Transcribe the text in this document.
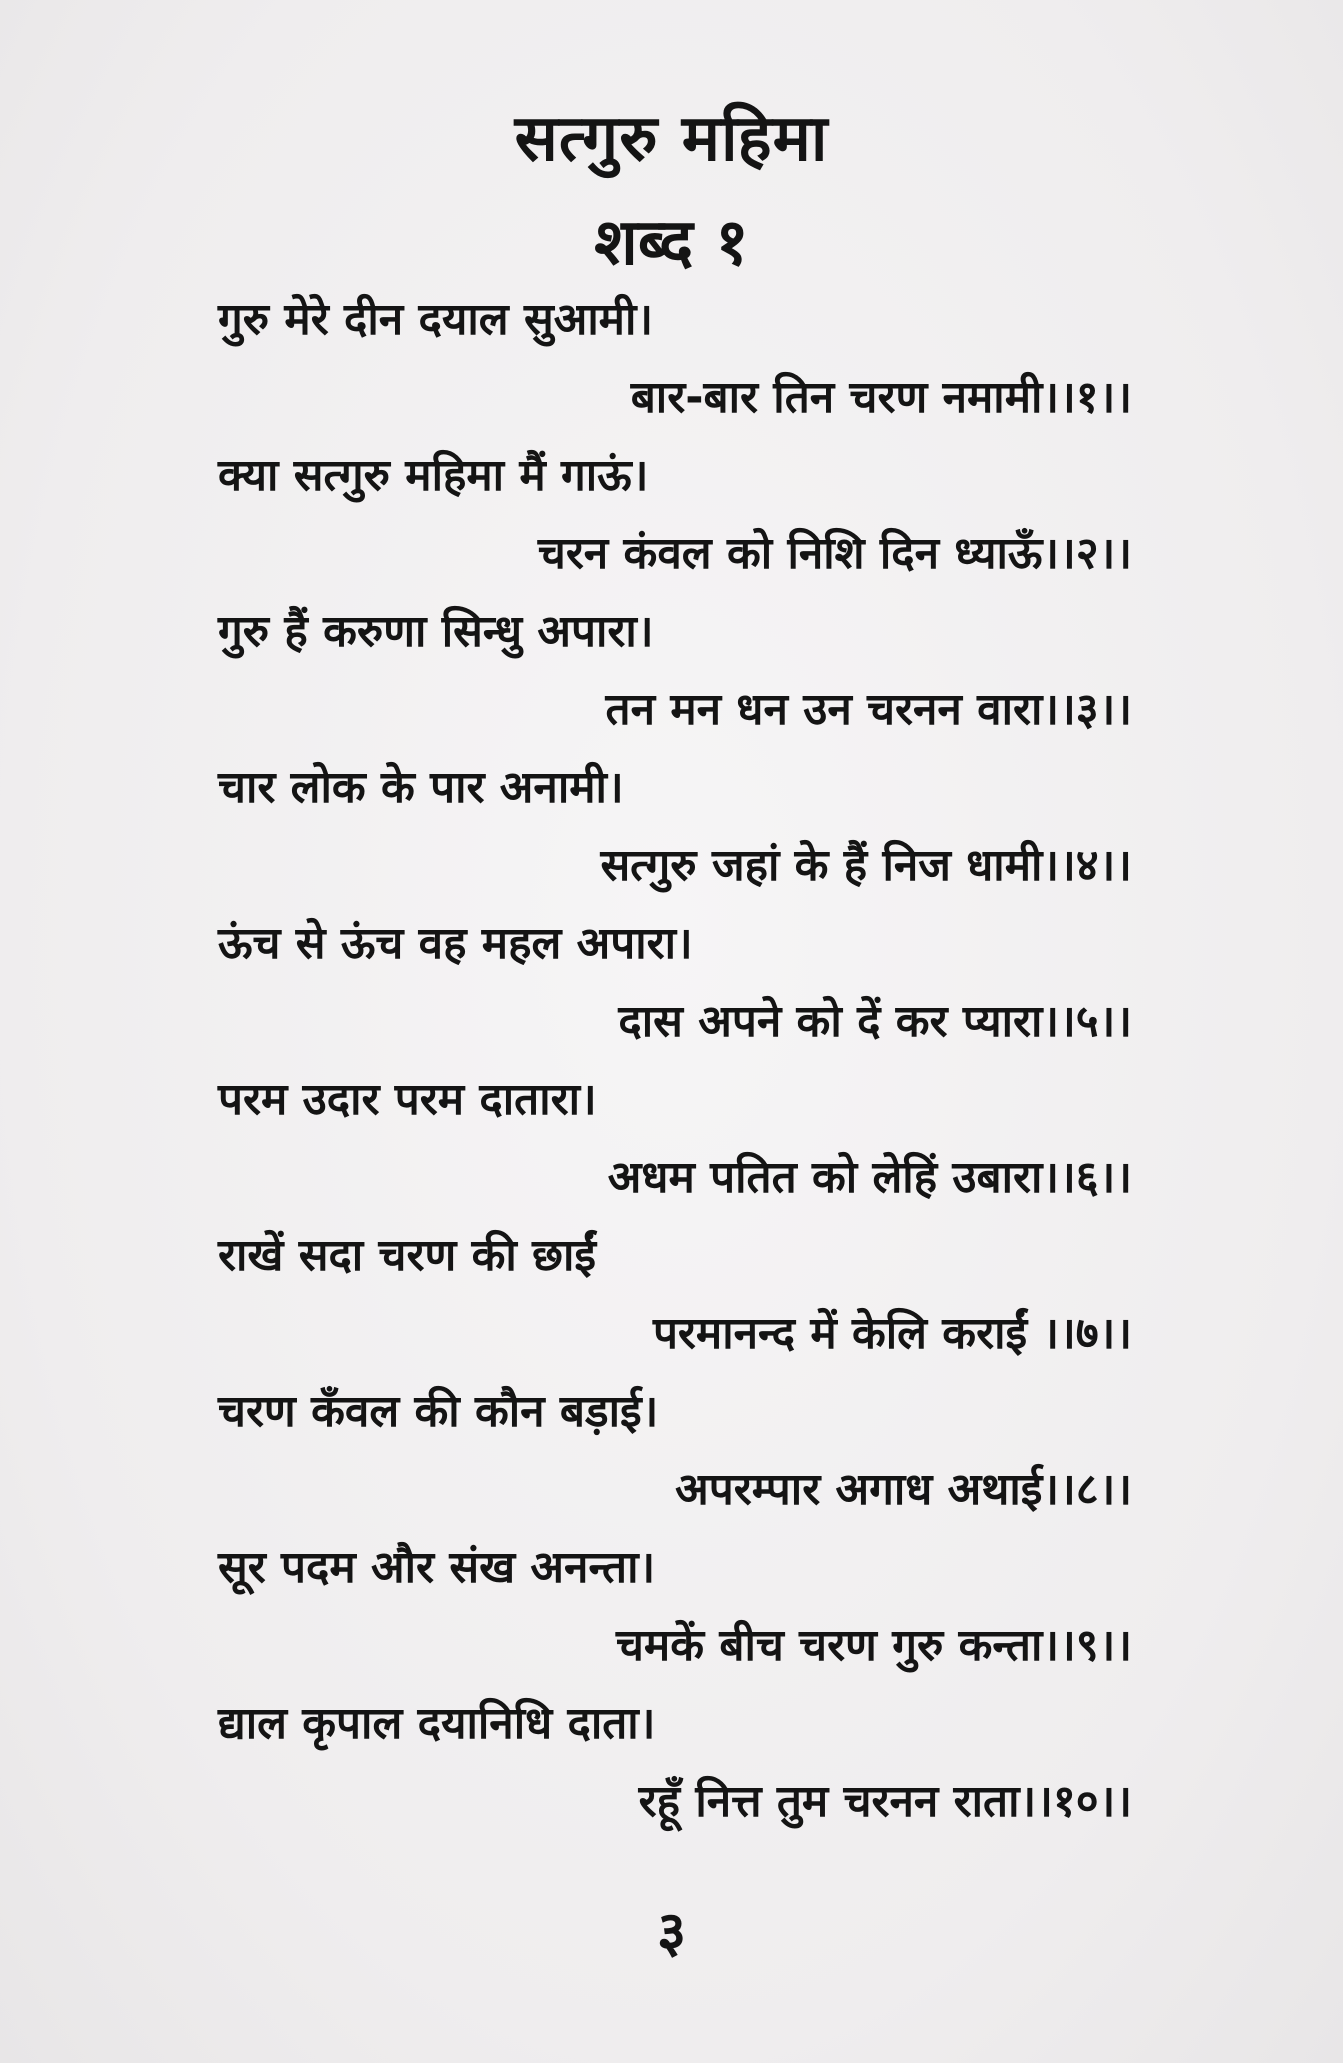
सत्गुरु महिमा
शब्द १
गुरु मेरे दीन दयाल सुआमी।
बार-बार तिन चरण नमामी।।१।।
क्या सत्गुरु महिमा मैं गाऊं।
चरन कंवल को निशि दिन ध्याऊँ।।२।।
गुरु हैं करुणा सिन्धु अपारा।
तन मन धन उन चरनन वारा।।३।।
चार लोक के पार अनामी।
सत्गुरु जहां के हैं निज धामी।।४।।
ऊंच से ऊंच वह महल अपारा।
दास अपने को दें कर प्यारा।।५।।
परम उदार परम दातारा।
अधम पतित को लेहिं उबारा।।६।।
राखें सदा चरण की छाईं
परमानन्द में केलि कराईं ।।७।।
चरण कँवल की कौन बड़ाई।
अपरम्पार अगाध अथाई।।८।।
सूर पदम और संख अनन्ता।
चमकें बीच चरण गुरु कन्ता।।९।।
द्याल कृपाल दयानिधि दाता।
रहूँ नित्त तुम चरनन राता।।१०।।
३
